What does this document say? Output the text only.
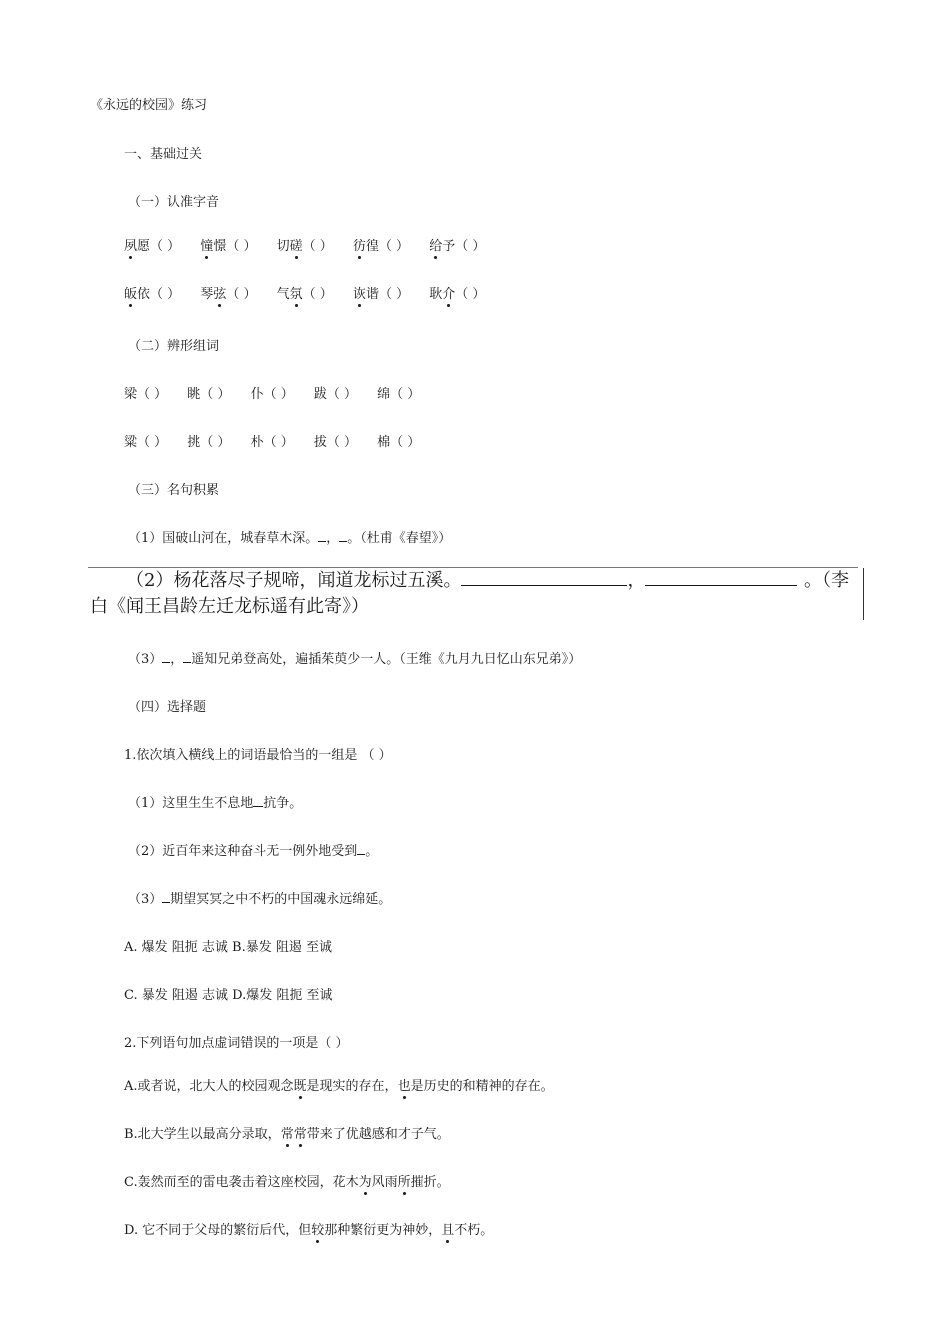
《永远的校园》练习
一、基础过关
（一）认准字音
夙愿（ ） 憧憬（ ） 切磋（ ） 彷徨（ ） 给予（ ）
皈依（ ） 琴弦（ ） 气氛（ ） 诙谐（ ） 耿介（ ）
（二）辨形组词
梁（ ） 眺（ ） 仆（ ） 跋（ ） 绵（ ）
粱（ ） 挑（ ） 朴（ ） 拔（ ） 棉（ ）
（三）名句积累
（1）国破山河在，城春草木深。 ， 。（杜甫《春望》）
（2）杨花落尽子规啼，闻道龙标过五溪。	，	。（李
白《闻王昌龄左迁龙标遥有此寄》）
（3） ， 遥知兄弟登高处，遍插茱萸少一人。（王维《九月九日忆山东兄弟》）
（四）选择题
1.依次填入横线上的词语最恰当的一组是 （ ）
（1）这里生生不息地 抗争。
（2）近百年来这种奋斗无一例外地受到 。
（3） 期望冥冥之中不朽的中国魂永远绵延。
A. 爆发 阻扼 志诚 B.暴发 阻遏 至诚
C. 暴发 阻遏 志诚 D.爆发 阻扼 至诚
2.下列语句加点虚词错误的一项是（ ）
A.或者说，北大人的校园观念既是现实的存在，也是历史的和精神的存在。
B.北大学生以最高分录取，常常带来了优越感和才子气。
C.轰然而至的雷电袭击着这座校园，花木为风雨所摧折。
D. 它不同于父母的繁衍后代，但较那种繁衍更为神妙，且不朽。
